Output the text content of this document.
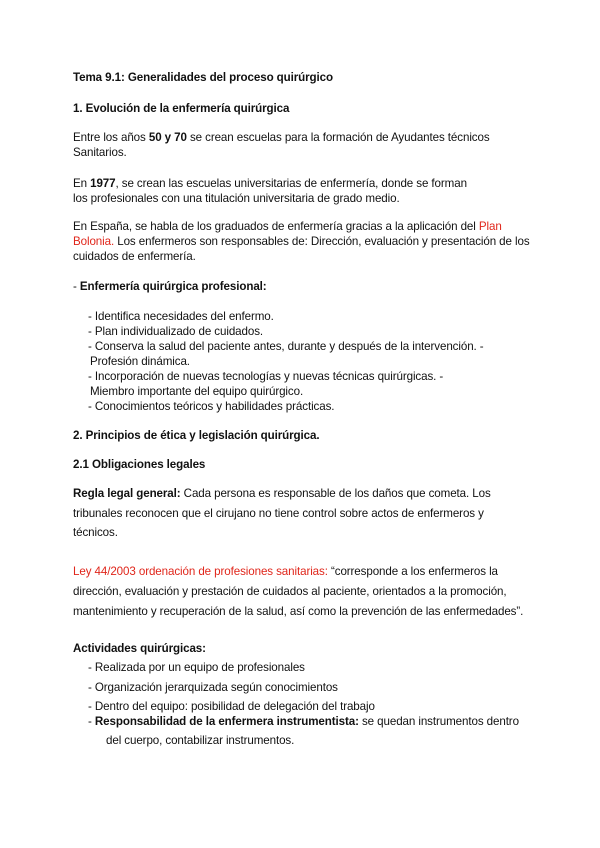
Tema 9.1: Generalidades del proceso quirúrgico
1. Evolución de la enfermería quirúrgica
Entre los años 50 y 70 se crean escuelas para la formación de Ayudantes técnicos
Sanitarios.
En 1977, se crean las escuelas universitarias de enfermería, donde se forman
los profesionales con una titulación universitaria de grado medio.
En España, se habla de los graduados de enfermería gracias a la aplicación del Plan
Bolonia. Los enfermeros son responsables de: Dirección, evaluación y presentación de los
cuidados de enfermería.
- Enfermería quirúrgica profesional:
- Identifica necesidades del enfermo.
- Plan individualizado de cuidados.
- Conserva la salud del paciente antes, durante y después de la intervención. -
Profesión dinámica.
- Incorporación de nuevas tecnologías y nuevas técnicas quirúrgicas. -
Miembro importante del equipo quirúrgico.
- Conocimientos teóricos y habilidades prácticas.
2. Principios de ética y legislación quirúrgica.
2.1 Obligaciones legales
Regla legal general: Cada persona es responsable de los daños que cometa. Los
tribunales reconocen que el cirujano no tiene control sobre actos de enfermeros y
técnicos.
Ley 44/2003 ordenación de profesiones sanitarias: “corresponde a los enfermeros la
dirección, evaluación y prestación de cuidados al paciente, orientados a la promoción,
mantenimiento y recuperación de la salud, así como la prevención de las enfermedades”.
Actividades quirúrgicas:
- Realizada por un equipo de profesionales
- Organización jerarquizada según conocimientos
- Dentro del equipo: posibilidad de delegación del trabajo
- Responsabilidad de la enfermera instrumentista: se quedan instrumentos dentro
del cuerpo, contabilizar instrumentos.
